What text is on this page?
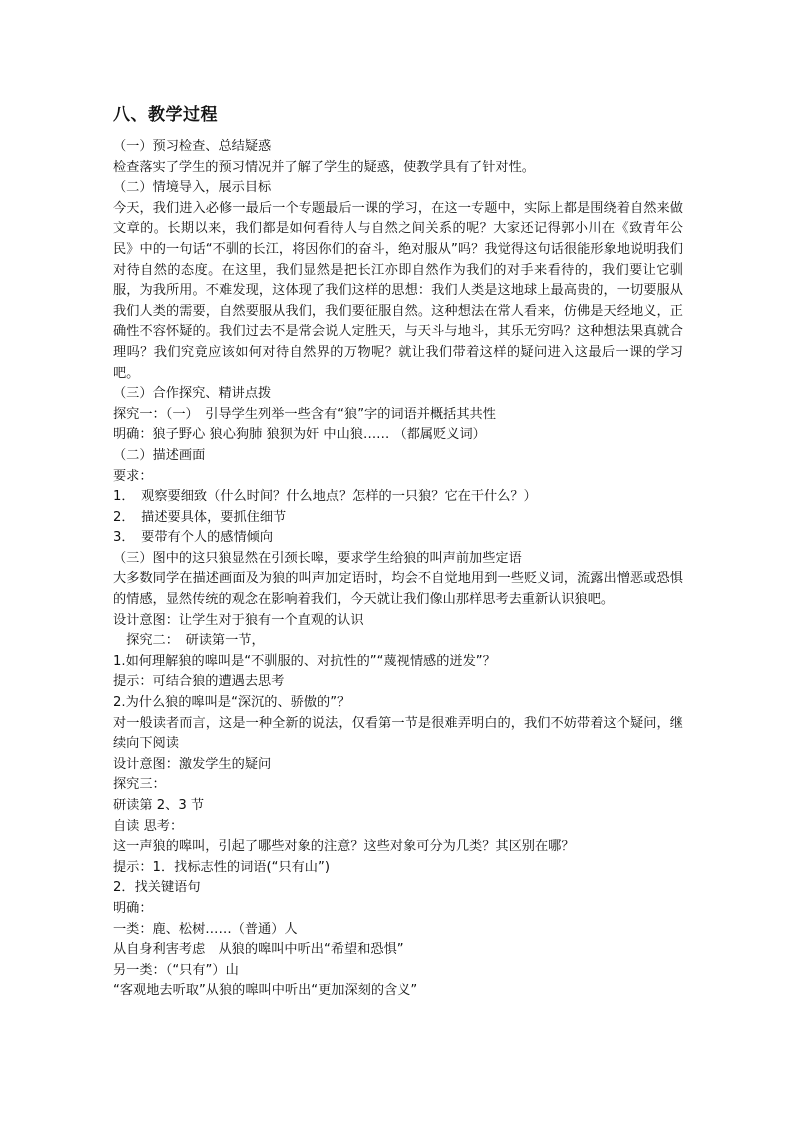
八、教学过程

（一）预习检查、总结疑惑

检查落实了学生的预习情况并了解了学生的疑惑，使教学具有了针对性。

（二）情境导入，展示目标

今天，我们进入必修一最后一个专题最后一课的学习，在这一专题中，实际上都是围绕着自然来做文章的。长期以来，我们都是如何看待人与自然之间关系的呢？大家还记得郭小川在《致青年公民》中的一句话“不驯的长江，将因你们的奋斗，绝对服从”吗？我觉得这句话很能形象地说明我们对待自然的态度。在这里，我们显然是把长江亦即自然作为我们的对手来看待的，我们要让它驯服，为我所用。不难发现，这体现了我们这样的思想：我们人类是这地球上最高贵的，一切要服从我们人类的需要，自然要服从我们，我们要征服自然。这种想法在常人看来，仿佛是天经地义，正确性不容怀疑的。我们过去不是常会说人定胜天，与天斗与地斗，其乐无穷吗？这种想法果真就合理吗？我们究竟应该如何对待自然界的万物呢？就让我们带着这样的疑问进入这最后一课的学习吧。

（三）合作探究、精讲点拨

探究一：（一）　引导学生列举一些含有“狼”字的词语并概括其共性

明确：狼子野心 狼心狗肺 狼狈为奸 中山狼…… （都属贬义词）

（二）描述画面

要求：

1．　观察要细致（什么时间？什么地点？怎样的一只狼？它在干什么？）

2．　描述要具体，要抓住细节

3．　要带有个人的感情倾向

（三）图中的这只狼显然在引颈长嗥，要求学生给狼的叫声前加些定语

大多数同学在描述画面及为狼的叫声加定语时，均会不自觉地用到一些贬义词，流露出憎恶或恐惧的情感，显然传统的观念在影响着我们，今天就让我们像山那样思考去重新认识狼吧。

设计意图：让学生对于狼有一个直观的认识

　探究二：　研读第一节，

1.如何理解狼的嗥叫是“不驯服的、对抗性的”“蔑视情感的迸发”？

提示：可结合狼的遭遇去思考

2.为什么狼的嗥叫是“深沉的、骄傲的”？

对一般读者而言，这是一种全新的说法，仅看第一节是很难弄明白的，我们不妨带着这个疑问，继续向下阅读

设计意图：激发学生的疑问

探究三：

研读第 2、3 节

自读 思考：

这一声狼的嗥叫，引起了哪些对象的注意？这些对象可分为几类？其区别在哪？

提示：1．找标志性的词语(“只有山”)

2．找关键语句

明确：

一类：鹿、松树……（普通）人

从自身利害考虑　从狼的嗥叫中听出“希望和恐惧”

另一类：（“只有”）山

“客观地去听取”从狼的嗥叫中听出“更加深刻的含义”
